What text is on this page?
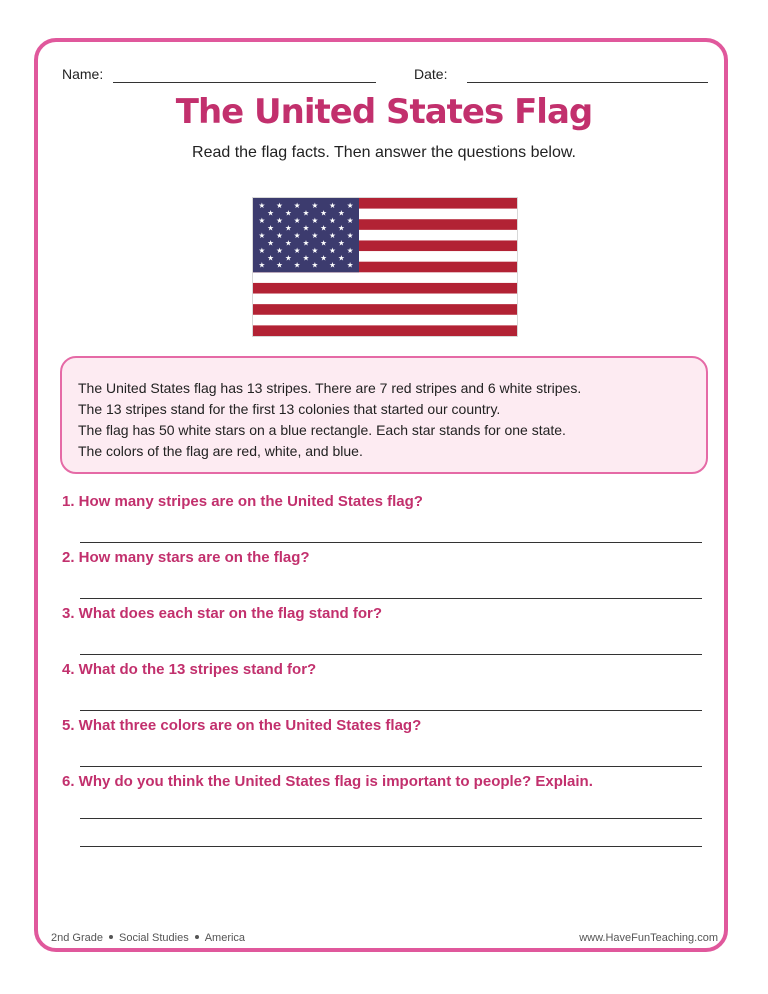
Name:	Date:
The United States Flag
Read the flag facts. Then answer the questions below.
★ ★ ★ ★ ★ ★
★ ★ ★ ★ ★
★ ★ ★ ★ ★ ★
★ ★ ★ ★ ★
★ ★ ★ ★ ★ ★
★ ★ ★ ★ ★
★ ★ ★ ★ ★ ★
★ ★ ★ ★ ★
★ ★ ★ ★ ★ ★
The United States flag has 13 stripes. There are 7 red stripes and 6 white stripes.
The 13 stripes stand for the first 13 colonies that started our country.
The flag has 50 white stars on a blue rectangle. Each star stands for one state.
The colors of the flag are red, white, and blue.
1. How many stripes are on the United States flag?
2. How many stars are on the flag?
3. What does each star on the flag stand for?
4. What do the 13 stripes stand for?
5. What three colors are on the United States flag?
6. Why do you think the United States flag is important to people? Explain.
2nd Grade Social Studies America	www.HaveFunTeaching.com
